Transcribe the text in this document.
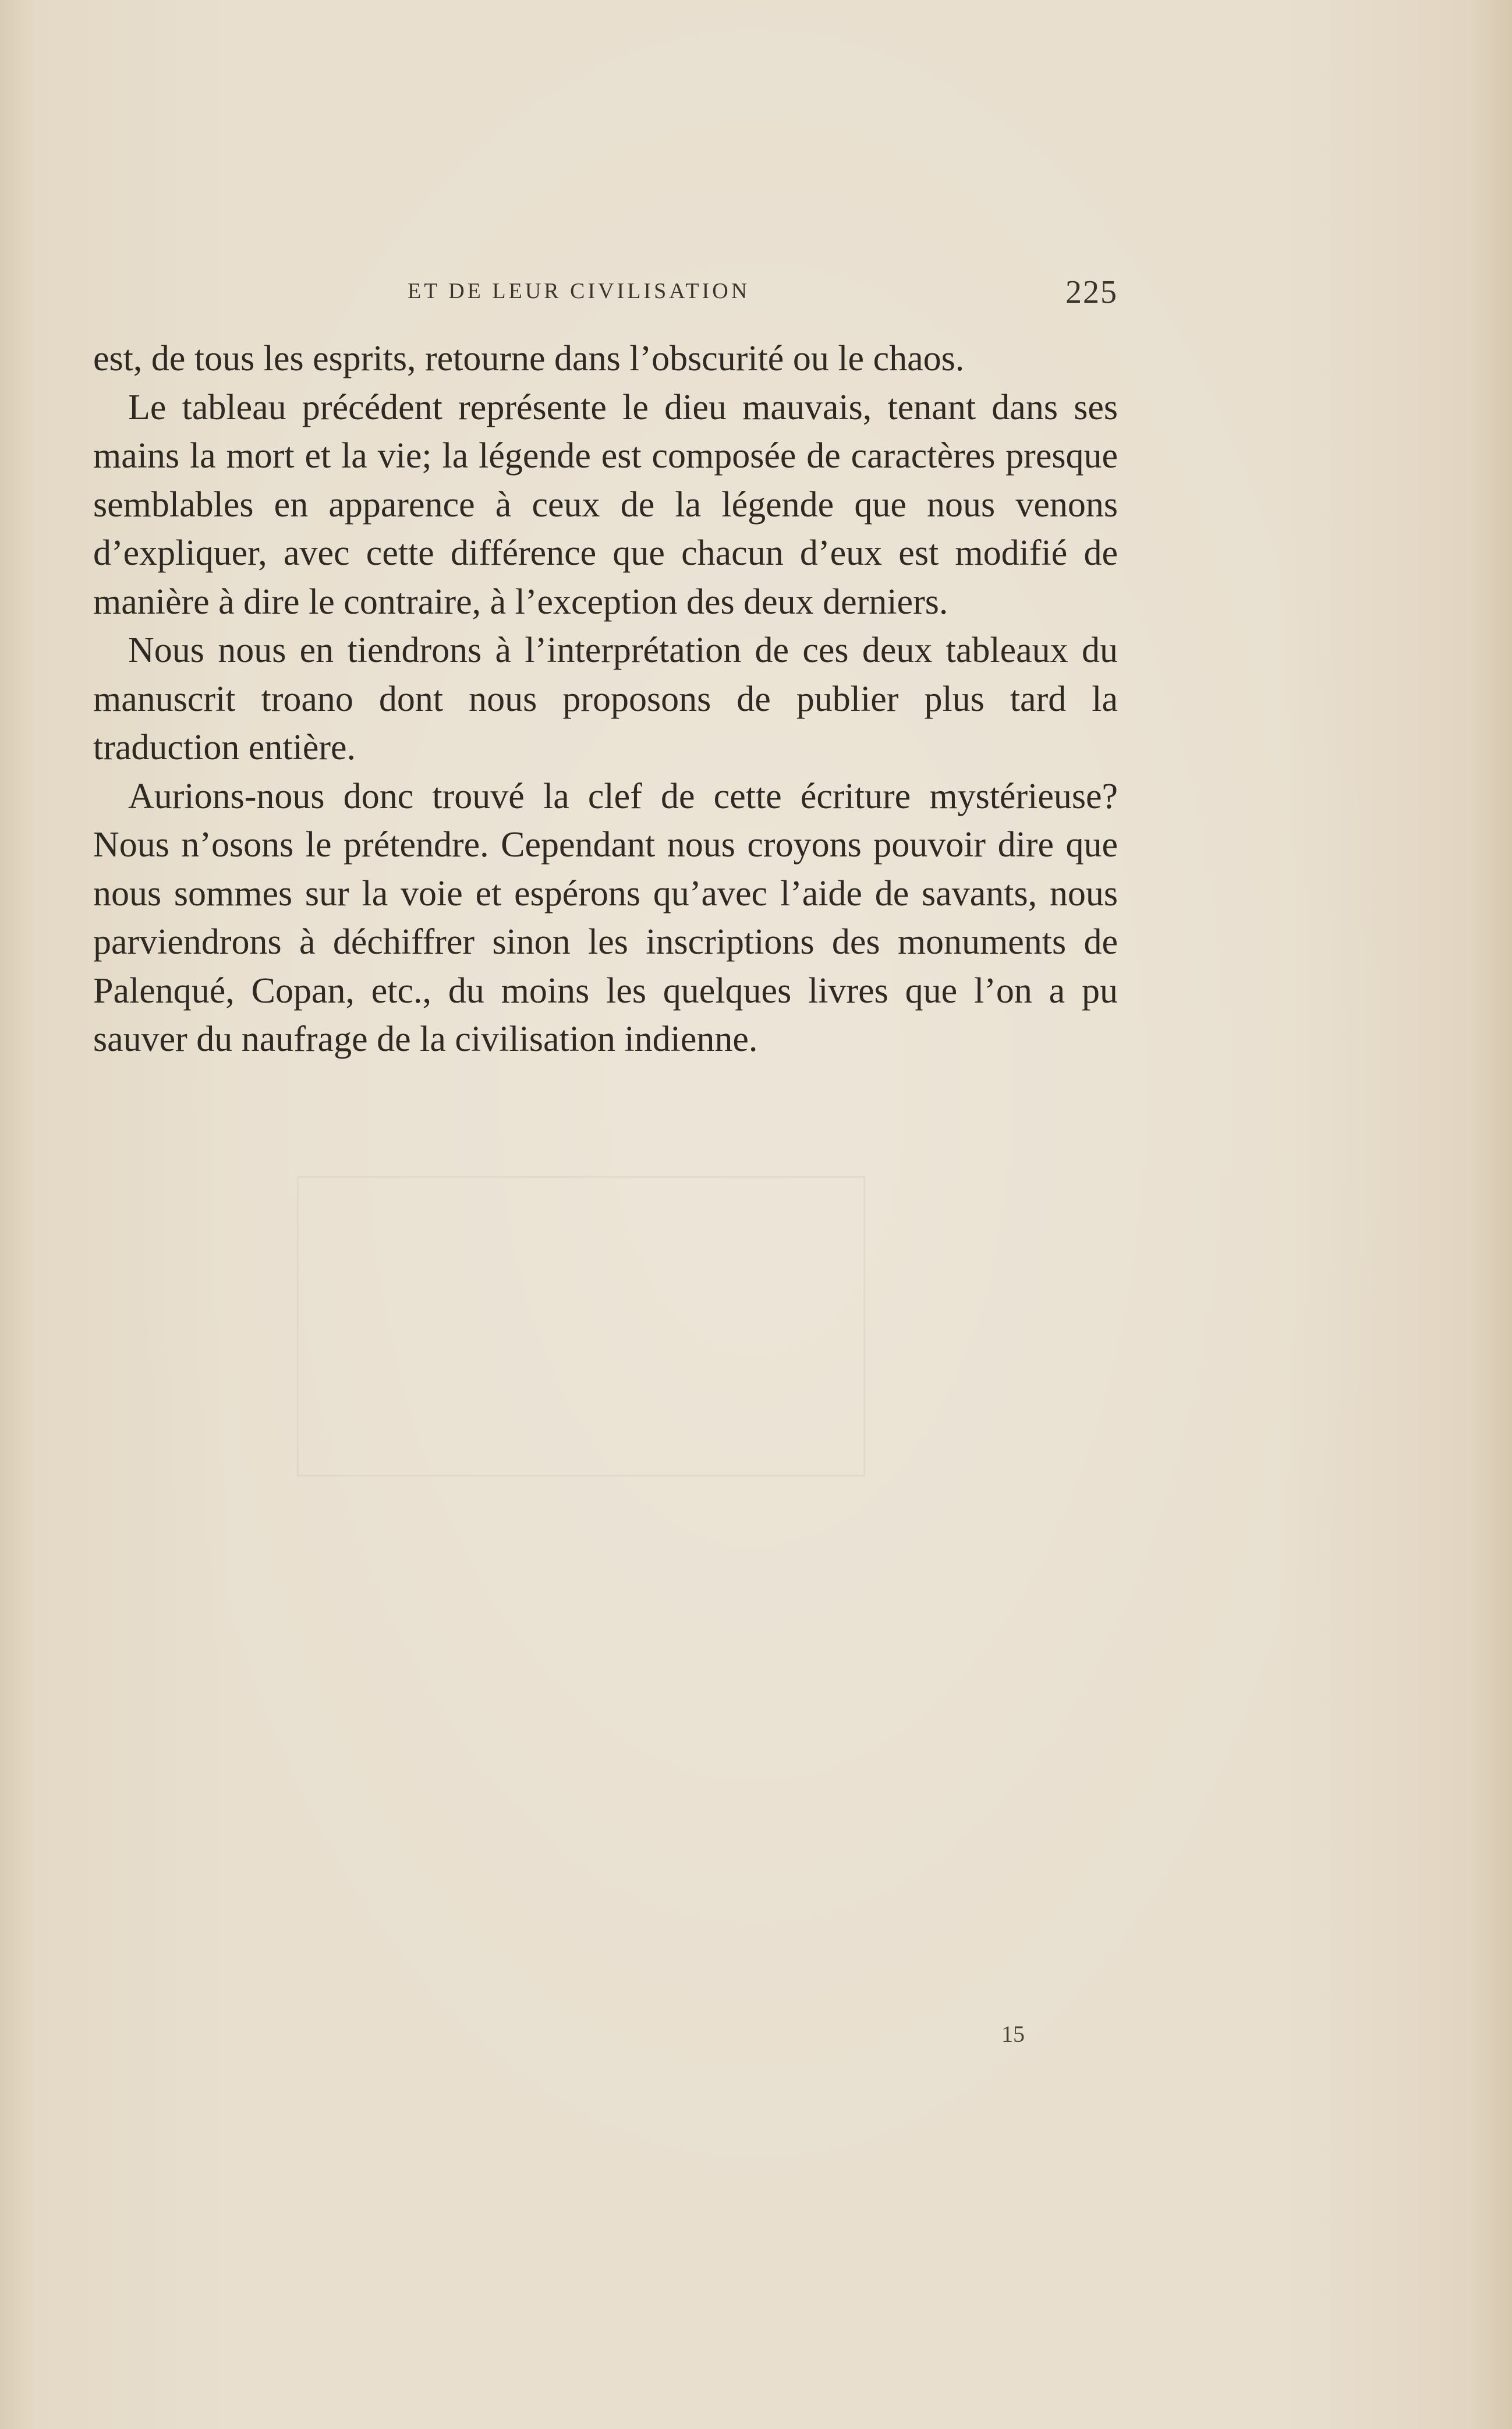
ET DE LEUR CIVILISATION	225

est, de tous les esprits, retourne dans l’obscurité ou le chaos.

Le tableau précédent représente le dieu mauvais, tenant dans ses mains la mort et la vie; la légende est composée de caractères presque semblables en apparence à ceux de la légende que nous venons d’expliquer, avec cette différence que chacun d’eux est modifié de manière à dire le contraire, à l’exception des deux derniers.

Nous nous en tiendrons à l’interprétation de ces deux tableaux du manuscrit troano dont nous proposons de publier plus tard la traduction entière.

Aurions-nous donc trouvé la clef de cette écriture mystérieuse? Nous n’osons le prétendre. Cependant nous croyons pouvoir dire que nous sommes sur la voie et espérons qu’avec l’aide de savants, nous parviendrons à déchiffrer sinon les inscriptions des monuments de Palenqué, Copan, etc., du moins les quelques livres que l’on a pu sauver du naufrage de la civilisation indienne.

15
